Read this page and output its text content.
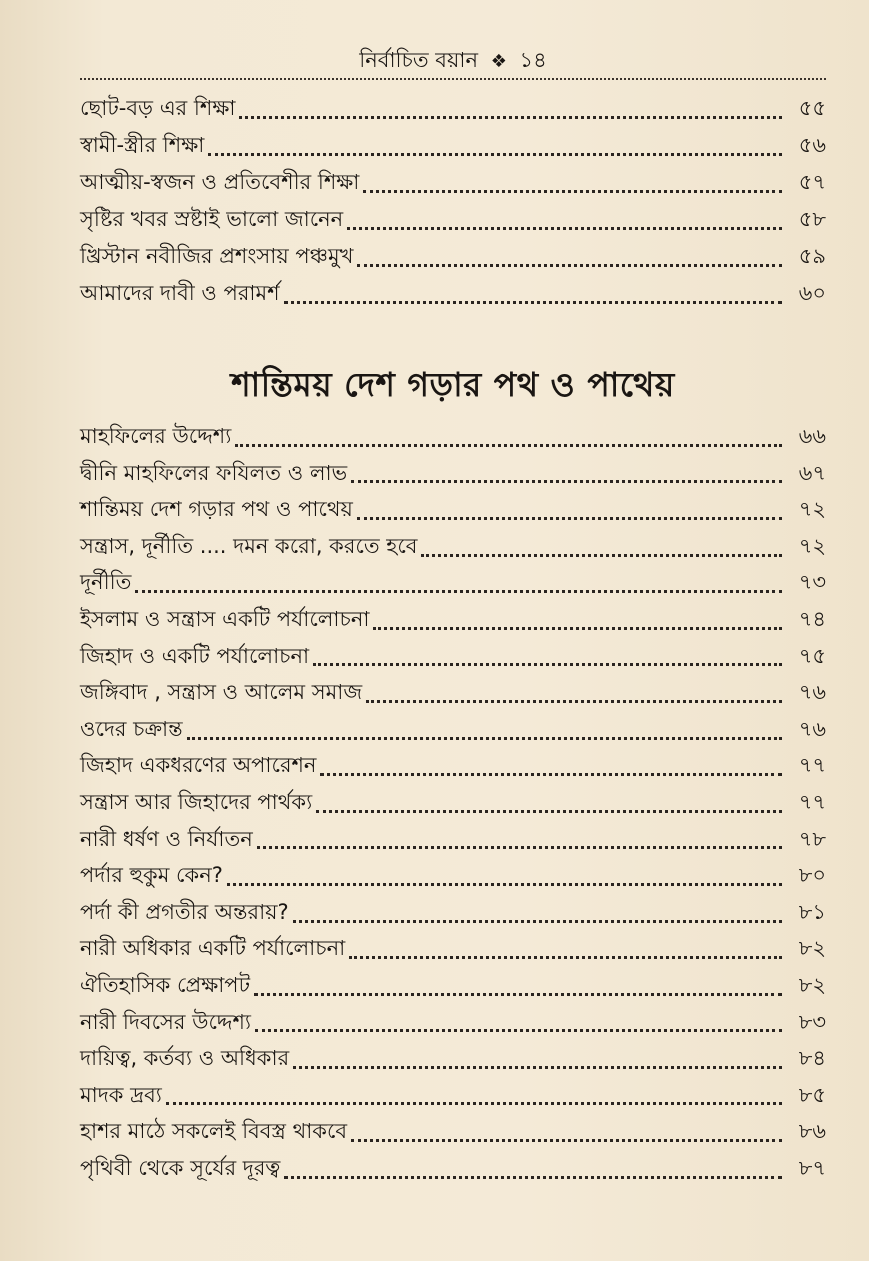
নির্বাচিত বয়ান ❖ ১৪
ছোট-বড় এর শিক্ষা	৫৫
স্বামী-স্ত্রীর শিক্ষা	৫৬
আত্মীয়-স্বজন ও প্রতিবেশীর শিক্ষা	৫৭
সৃষ্টির খবর স্রষ্টাই ভালো জানেন	৫৮
খ্রিস্টান নবীজির প্রশংসায় পঞ্চমুখ	৫৯
আমাদের দাবী ও পরামর্শ	৬০
শান্তিময় দেশ গড়ার পথ ও পাথেয়
মাহফিলের উদ্দেশ্য	৬৬
দ্বীনি মাহফিলের ফযিলত ও লাভ	৬৭
শান্তিময় দেশ গড়ার পথ ও পাথেয়	৭২
সন্ত্রাস, দূর্নীতি .... দমন করো, করতে হবে	৭২
দূর্নীতি	৭৩
ইসলাম ও সন্ত্রাস একটি পর্যালোচনা	৭৪
জিহাদ ও একটি পর্যালোচনা	৭৫
জঙ্গিবাদ , সন্ত্রাস ও আলেম সমাজ	৭৬
ওদের চক্রান্ত	৭৬
জিহাদ একধরণের অপারেশন	৭৭
সন্ত্রাস আর জিহাদের পার্থক্য	৭৭
নারী ধর্ষণ ও নির্যাতন	৭৮
পর্দার হুকুম কেন?	৮০
পর্দা কী প্রগতীর অন্তরায়?	৮১
নারী অধিকার একটি পর্যালোচনা	৮২
ঐতিহাসিক প্রেক্ষাপট	৮২
নারী দিবসের উদ্দেশ্য	৮৩
দায়িত্ব, কর্তব্য ও অধিকার	৮৪
মাদক দ্রব্য	৮৫
হাশর মাঠে সকলেই বিবস্ত্র থাকবে	৮৬
পৃথিবী থেকে সূর্যের দূরত্ব	৮৭
